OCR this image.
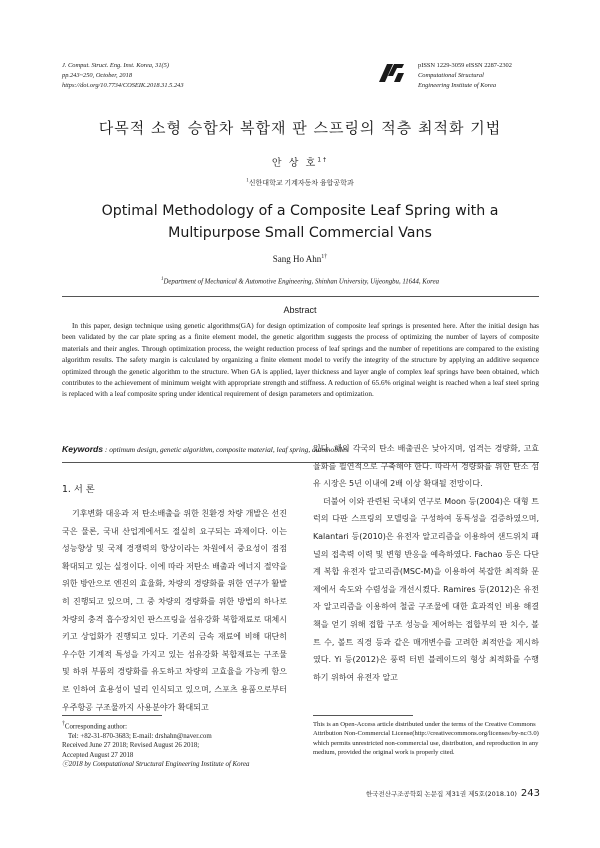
J. Comput. Struct. Eng. Inst. Korea, 31(5)
pp.243~250, October, 2018
https://doi.org/10.7734/COSEIK.2018.31.5.243
pISSN 1229-3059 eISSN 2287-2302
Computational Structural
Engineering Institute of Korea
다목적 소형 승합차 복합재 판 스프링의 적층 최적화 기법
안 상 호$^{1\dagger}$
$^1$신한대학교 기계자동차 융합공학과
Optimal Methodology of a Composite Leaf Spring with a
Multipurpose Small Commercial Vans
Sang Ho Ahn$^{1\dagger}$
$^1$Department of Mechanical & Automotive Engineering, Shinhan University, Uijeongbu, 11644, Korea
Abstract
In this paper, design technique using genetic algorithms(GA) for design optimization of composite leaf springs is presented here. After the initial design has been validated by the car plate spring as a finite element model, the genetic algorithm suggests the process of optimizing the number of layers of composite materials and their angles. Through optimization process, the weight reduction process of leaf springs and the number of repetitions are compared to the existing algorithm results. The safety margin is calculated by organizing a finite element model to verify the integrity of the structure by applying an additive sequence optimized through the genetic algorithm to the structure. When GA is applied, layer thickness and layer angle of complex leaf springs have been obtained, which contributes to the achievement of minimum weight with appropriate strength and stiffness. A reduction of 65.6% original weight is reached when a leaf steel spring is replaced with a leaf composite spring under identical requirement of design parameters and optimization.
Keywords : optimum design, genetic algorithm, composite material, leaf spring, automobiles
1. 서 론

기후변화 대응과 저 탄소배출을 위한 친환경 차량 개발은 선진국은 물론, 국내 산업계에서도 절실히 요구되는 과제이다. 이는 성능향상 및 국제 경쟁력의 향상이라는 차원에서 중요성이 점점 확대되고 있는 실정이다. 이에 따라 저탄소 배출과 에너지 절약을 위한 방안으로 엔진의 효율화, 차량의 경량화를 위한 연구가 활발히 진행되고 있으며, 그 중 차량의 경량화를 위한 방법의 하나로 차량의 충격 흡수장치인 판스프링을 섬유강화 복합재료로 대체시키고 상업화가 진행되고 있다. 기존의 금속 재료에 비해 대단히 우수한 기계적 특성을 가지고 있는 섬유강화 복합재료는 구조물 및 하위 부품의 경량화를 유도하고 차량의 고효율을 가능케 함으로 인하여 효용성이 널리 인식되고 있으며, 스포츠 용품으로부터 우주항공 구조물까지 사용분야가 확대되고

있다. 해외 각국의 탄소 배출권은 낮아지며, 엄격는 경량화, 고효율화를 필연적으로 구축해야 한다. 따라서 경량화를 위한 탄소 섬유 시장은 5년 이내에 2배 이상 확대될 전망이다.

더불어 이와 관련된 국내외 연구로 Moon 등(2004)은 대형 트럭의 다판 스프링의 모델링을 구성하여 동특성을 검증하였으며, Kalantari 등(2010)은 유전자 알고리즘을 이용하여 샌드위치 패널의 접촉력 이력 및 변형 반응을 예측하였다. Fachao 등은 다단계 복합 유전자 알고리즘(MSC-M)을 이용하여 복잡한 최적화 문제에서 속도와 수렴성을 개선시켰다. Ramires 등(2012)은 유전자 알고리즘을 이용하여 철골 구조물에 대한 효과적인 비용 해결책을 얻기 위해 접합 구조 성능을 제어하는 접합부의 판 치수, 볼트 수, 볼트 직경 등과 같은 매개변수를 고려한 최적안을 제시하였다. Yi 등(2012)은 풍력 터빈 블레이드의 형상 최적화를 수행하기 위하여 유전자 알고

†Corresponding author:
Tel: +82-31-870-3683; E-mail: drshahn@naver.com
Received June 27 2018; Revised August 26 2018;
Accepted August 27 2018
ⓒ2018 by Computational Structural Engineering Institute of Korea
This is an Open-Access article distributed under the terms of the Creative Commons Attribution Non-Commercial License(http://creativecommons.org/licenses/by-nc/3.0) which permits unrestricted non-commercial use, distribution, and reproduction in any medium, provided the original work is properly cited.
한국전산구조공학회 논문집 제31권 제5호(2018.10) 243
